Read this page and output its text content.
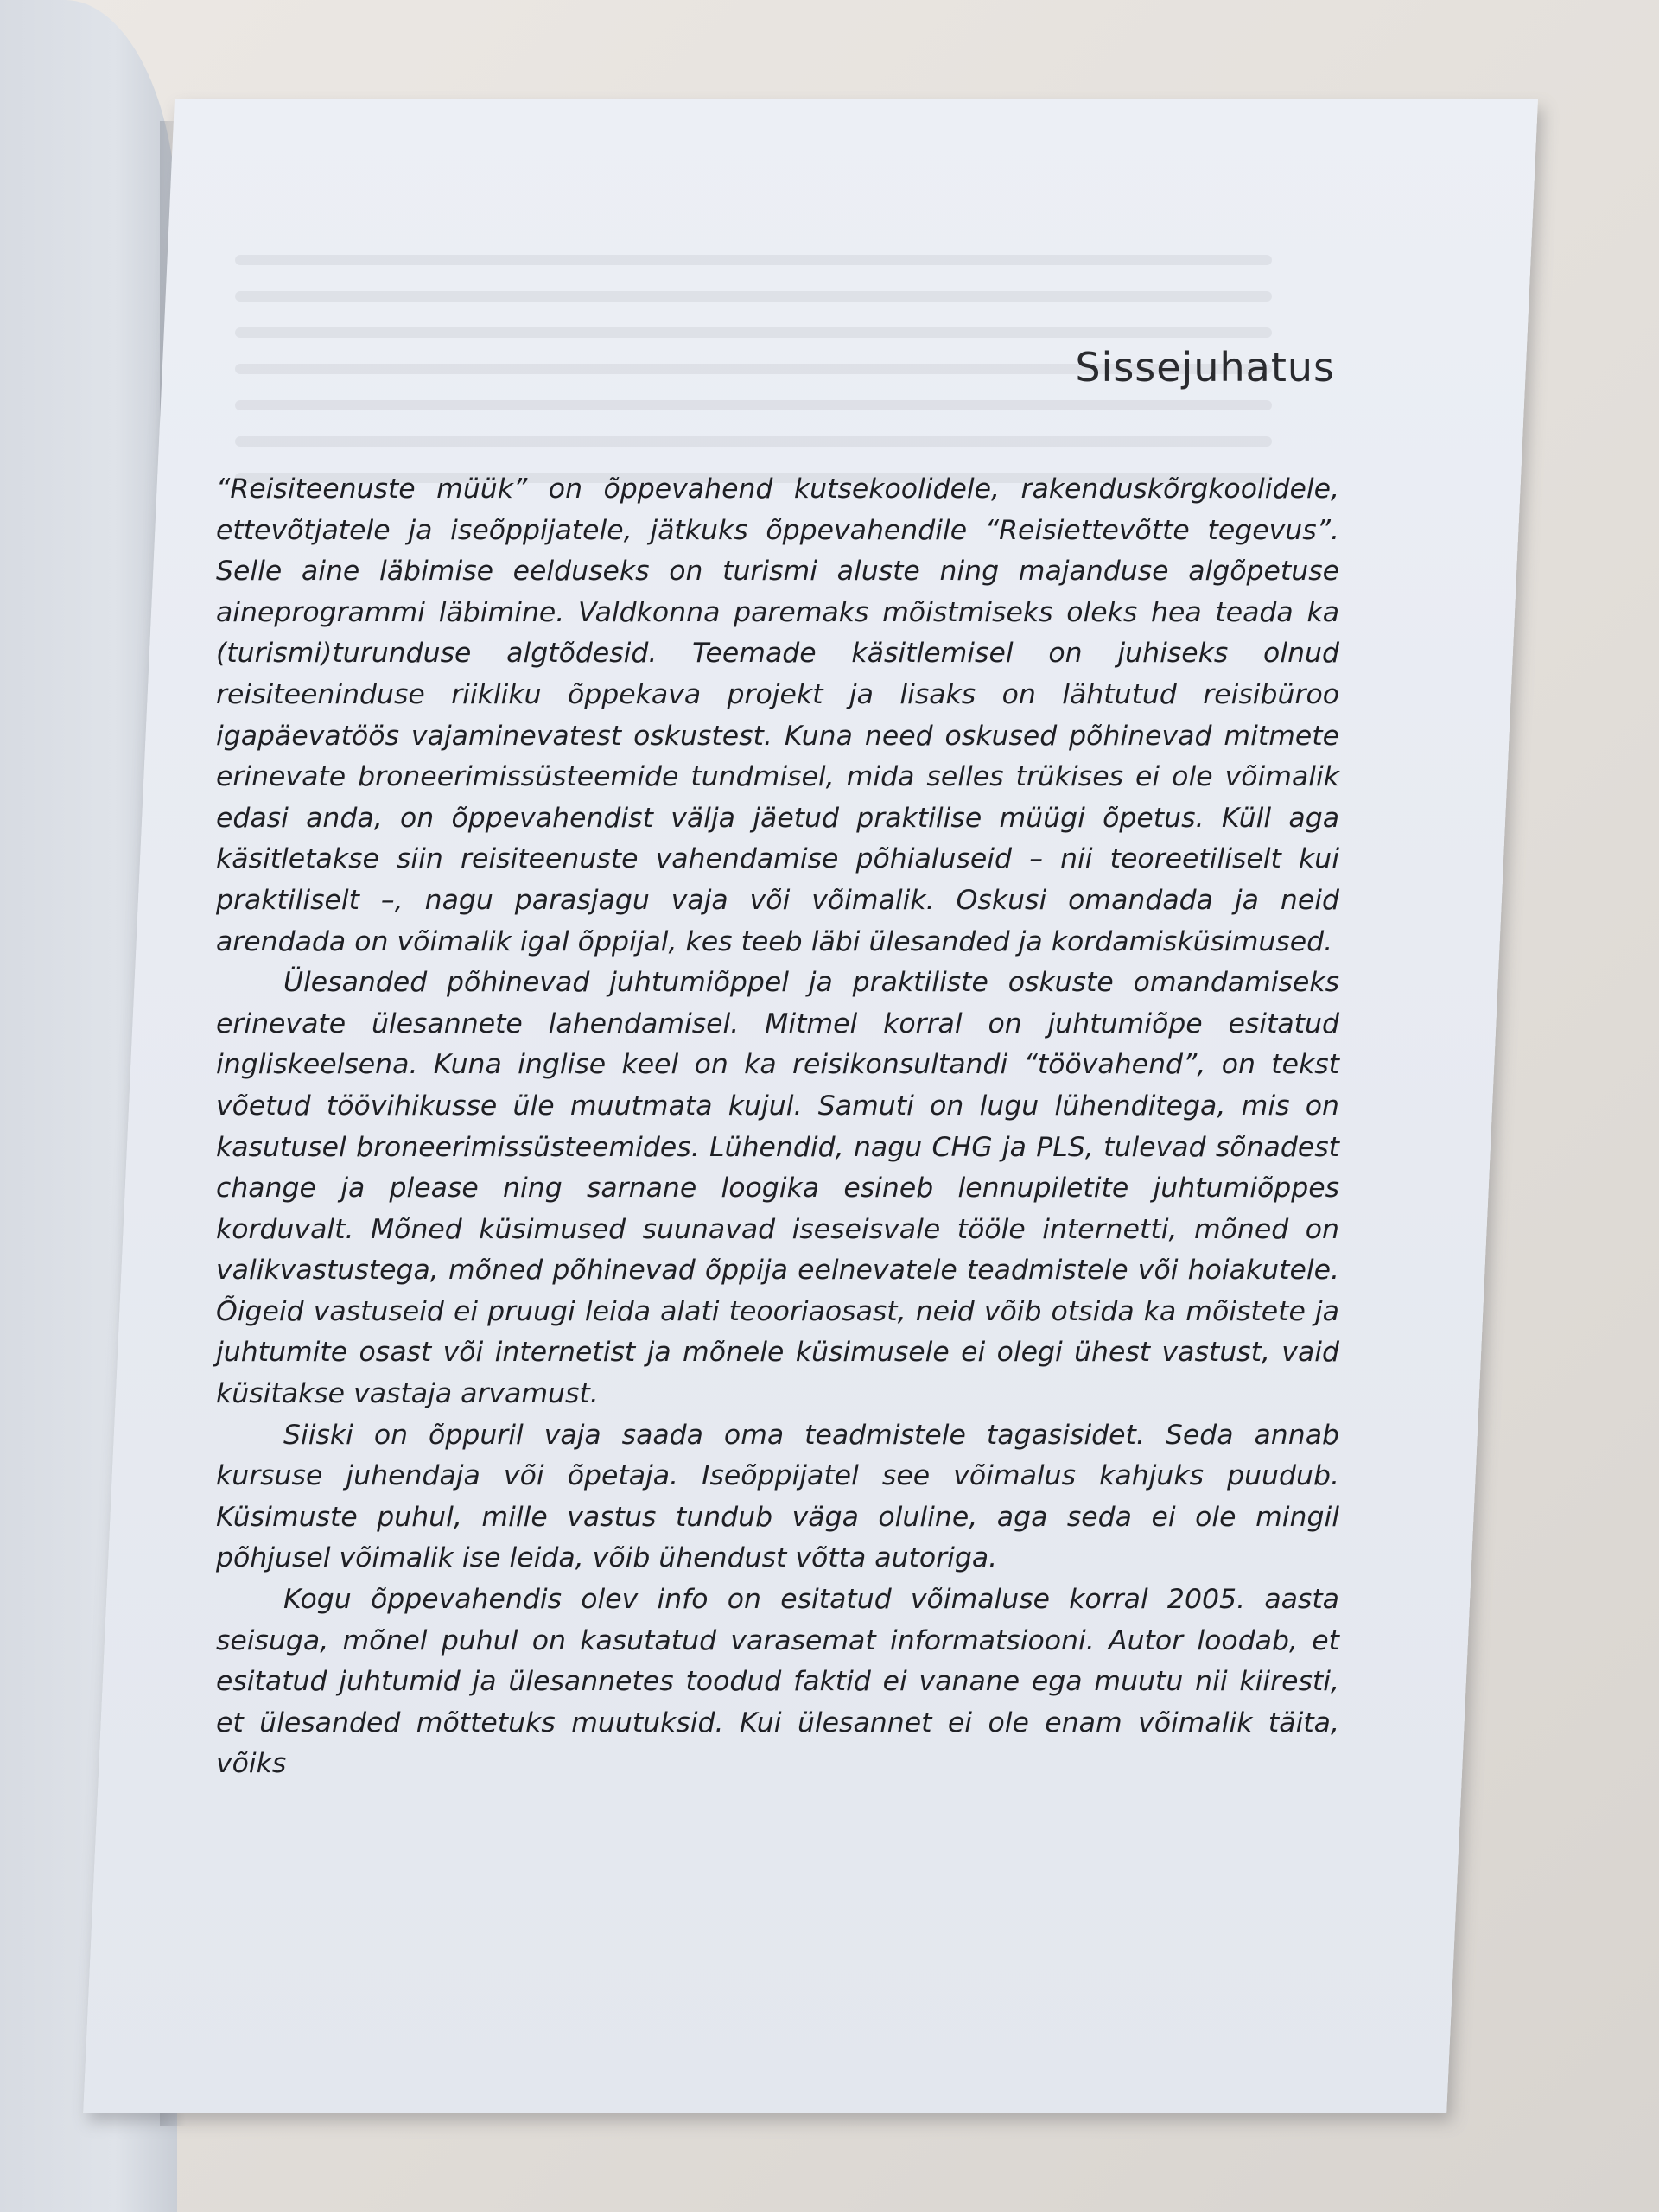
Sissejuhatus

“Reisiteenuste müük” on õppevahend kutsekoolidele, rakenduskõrgkoolidele, ettevõtjatele ja iseõppijatele, jätkuks õppevahendile “Reisiettevõtte tegevus”. Selle aine läbimise eelduseks on turismi aluste ning majanduse algõpetuse aineprogrammi läbimine. Valdkonna paremaks mõistmiseks oleks hea teada ka (turismi)turunduse algtõdesid. Teemade käsitlemisel on juhiseks olnud reisiteeninduse riikliku õppekava projekt ja lisaks on lähtutud reisibüroo igapäevatöös vajaminevatest oskustest. Kuna need oskused põhinevad mitmete erinevate broneerimissüsteemide tundmisel, mida selles trükises ei ole võimalik edasi anda, on õppevahendist välja jäetud praktilise müügi õpetus. Küll aga käsitletakse siin reisiteenuste vahendamise põhialuseid – nii teoreetiliselt kui praktiliselt –, nagu parasjagu vaja või võimalik. Oskusi omandada ja neid arendada on võimalik igal õppijal, kes teeb läbi ülesanded ja kordamisküsimused.

Ülesanded põhinevad juhtumiõppel ja praktiliste oskuste omandamiseks erinevate ülesannete lahendamisel. Mitmel korral on juhtumiõpe esitatud ingliskeelsena. Kuna inglise keel on ka reisikonsultandi “töövahend”, on tekst võetud töövihikusse üle muutmata kujul. Samuti on lugu lühenditega, mis on kasutusel broneerimissüsteemides. Lühendid, nagu CHG ja PLS, tulevad sõnadest change ja please ning sarnane loogika esineb lennupiletite juhtumiõppes korduvalt. Mõned küsimused suunavad iseseisvale tööle internetti, mõned on valikvastustega, mõned põhinevad õppija eelnevatele teadmistele või hoiakutele. Õigeid vastuseid ei pruugi leida alati teooriaosast, neid võib otsida ka mõistete ja juhtumite osast või internetist ja mõnele küsimusele ei olegi ühest vastust, vaid küsitakse vastaja arvamust.

Siiski on õppuril vaja saada oma teadmistele tagasisidet. Seda annab kursuse juhendaja või õpetaja. Iseõppijatel see võimalus kahjuks puudub. Küsimuste puhul, mille vastus tundub väga oluline, aga seda ei ole mingil põhjusel võimalik ise leida, võib ühendust võtta autoriga.

Kogu õppevahendis olev info on esitatud võimaluse korral 2005. aasta seisuga, mõnel puhul on kasutatud varasemat informatsiooni. Autor loodab, et esitatud juhtumid ja ülesannetes toodud faktid ei vanane ega muutu nii kiiresti, et ülesanded mõttetuks muutuksid. Kui ülesannet ei ole enam võimalik täita, võiks
